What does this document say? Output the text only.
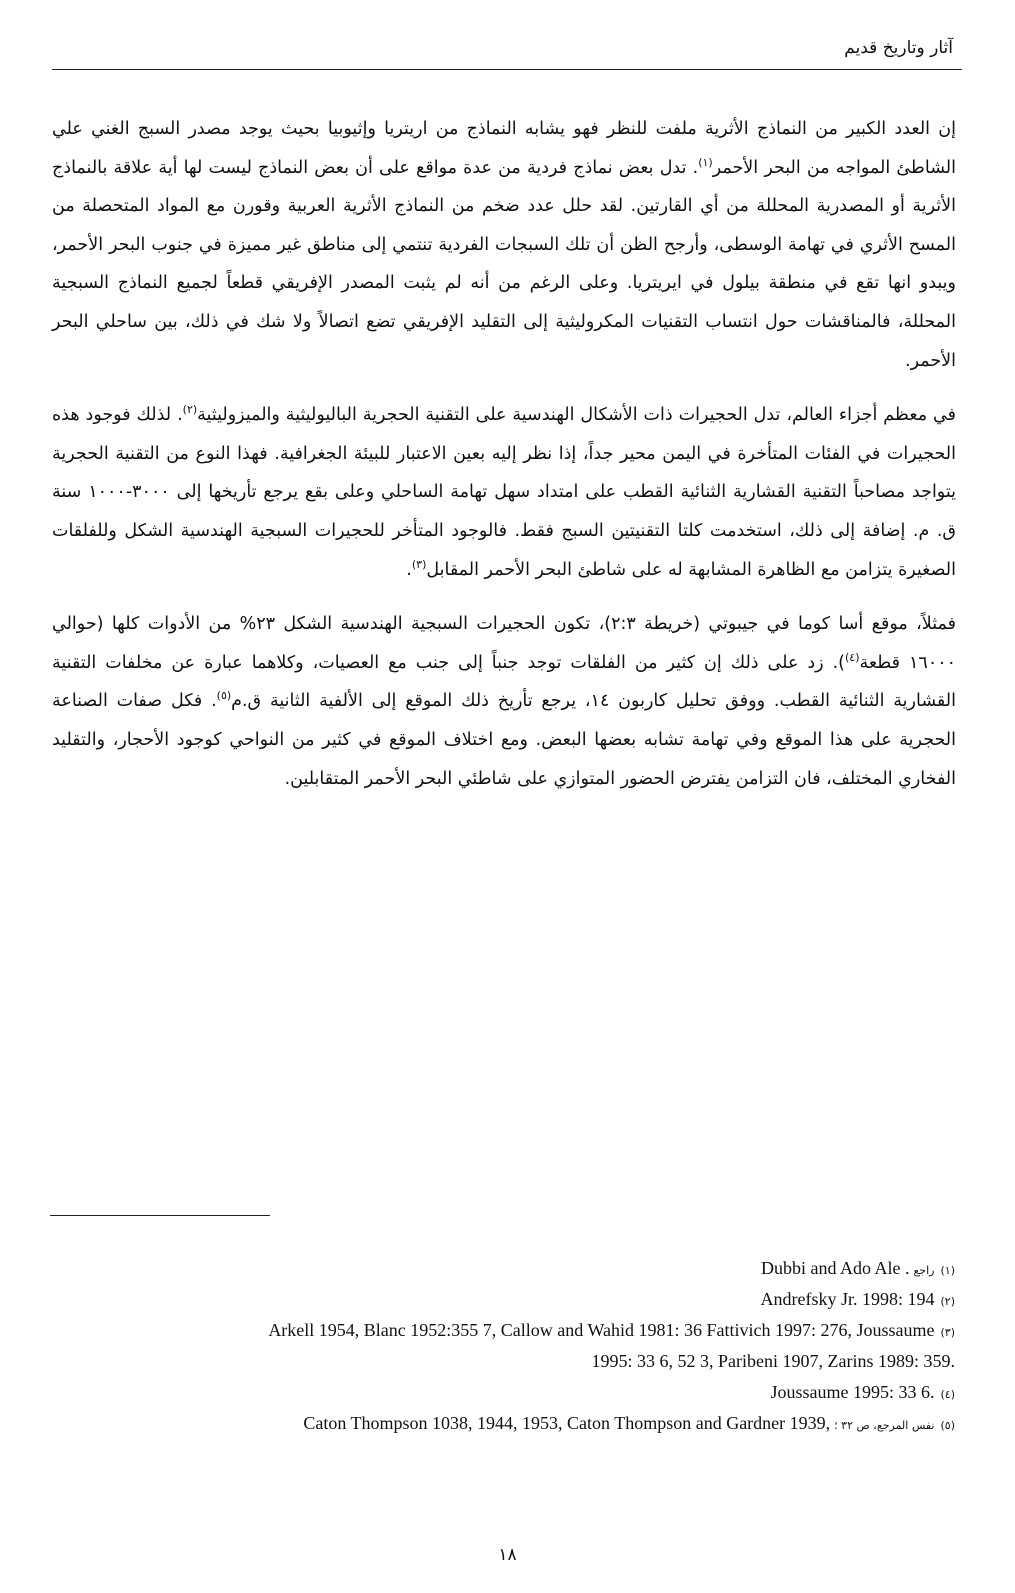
آثار وتاريخ قديم

إن العدد الكبير من النماذج الأثرية ملفت للنظر فهو يشابه النماذج من اريتريا وإثيوبيا بحيث يوجد مصدر السبج الغني علي الشاطئ المواجه من البحر الأحمر$^{(١)}$. تدل بعض نماذج فردية من عدة مواقع على أن بعض النماذج ليست لها أية علاقة بالنماذج الأثرية أو المصدرية المحللة من أي القارتين. لقد حلل عدد ضخم من النماذج الأثرية العربية وقورن مع المواد المتحصلة من المسح الأثري في تهامة الوسطى، وأرجح الظن أن تلك السبجات الفردية تنتمي إلى مناطق غير مميزة في جنوب البحر الأحمر، ويبدو انها تقع في منطقة بيلول في ايريتريا. وعلى الرغم من أنه لم يثبت المصدر الإفريقي قطعاً لجميع النماذج السبجية المحللة، فالمناقشات حول انتساب التقنيات المكروليثية إلى التقليد الإفريقي تضع اتصالاً ولا شك في ذلك، بين ساحلي البحر الأحمر.

في معظم أجزاء العالم، تدل الحجيرات ذات الأشكال الهندسية على التقنية الحجرية الباليوليثية والميزوليثية$^{(٢)}$. لذلك فوجود هذه الحجيرات في الفئات المتأخرة في اليمن محير جداً، إذا نظر إليه بعين الاعتبار للبيئة الجغرافية. فهذا النوع من التقنية الحجرية يتواجد مصاحباً التقنية القشارية الثنائية القطب على امتداد سهل تهامة الساحلي وعلى بقع يرجع تأريخها إلى ٣٠٠٠-١٠٠٠ سنة ق. م. إضافة إلى ذلك، استخدمت كلتا التقنيتين السبج فقط. فالوجود المتأخر للحجيرات السبجية الهندسية الشكل وللفلقات الصغيرة يتزامن مع الظاهرة المشابهة له على شاطئ البحر الأحمر المقابل$^{(٣)}$.

فمثلاً، موقع أسا كوما في جيبوتي (خريطة ٢:٣)، تكون الحجيرات السبجية الهندسية الشكل ٢٣% من الأدوات كلها (حوالي ١٦٠٠٠ قطعة$^{(٤)}$). زد على ذلك إن كثير من الفلقات توجد جنباً إلى جنب مع العصيات، وكلاهما عبارة عن مخلفات التقنية القشارية الثنائية القطب. ووفق تحليل كاربون ١٤، يرجع تأريخ ذلك الموقع إلى الألفية الثانية ق.م$^{(٥)}$. فكل صفات الصناعة الحجرية على هذا الموقع وفي تهامة تشابه بعضها البعض. ومع اختلاف الموقع في كثير من النواحي كوجود الأحجار، والتقليد الفخاري المختلف، فان التزامن يفترض الحضور المتوازي على شاطئي البحر الأحمر المتقابلين.

(١)راجعDubbi and Ado Ale .
(٢)Andrefsky Jr. 1998: 194
(٣)Arkell 1954, Blanc 1952:355 7, Callow and Wahid 1981: 36 Fattivich 1997: 276, Joussaume
1995: 33 6, 52 3, Paribeni 1907, Zarins 1989: 359.
(٤)Joussaume 1995: 33 6.
(٥)نفس المرجع، ص ٣٢ ؛Caton Thompson 1038, 1944, 1953, Caton Thompson and Gardner 1939,
١٨
